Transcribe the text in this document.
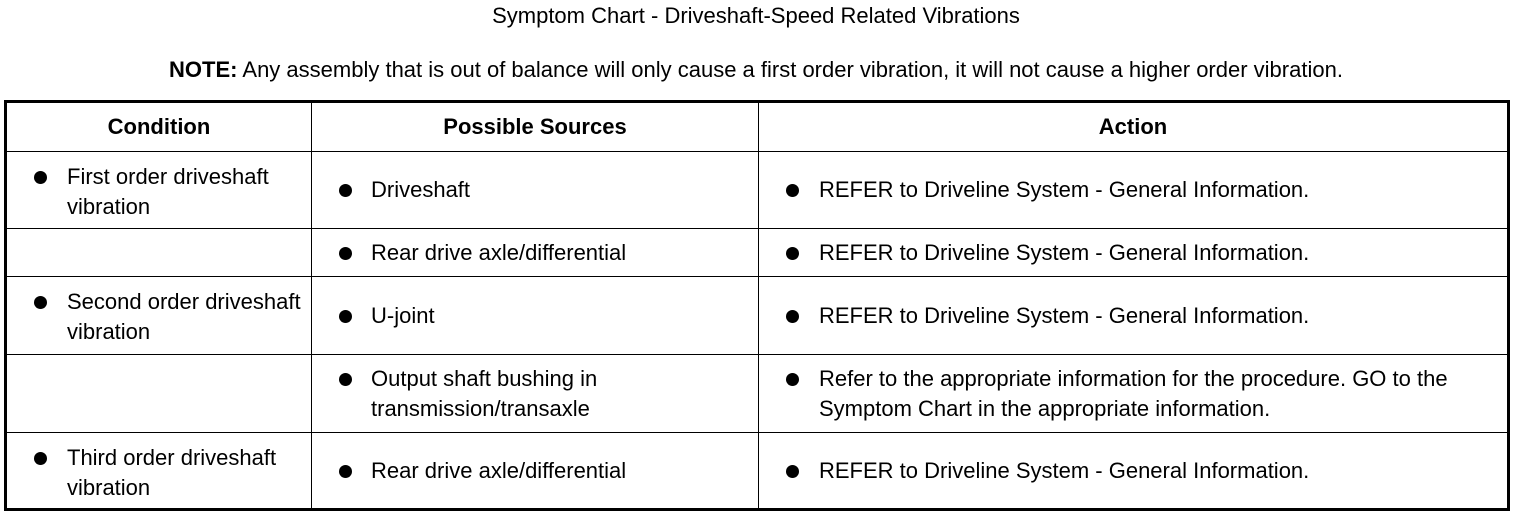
Symptom Chart - Driveshaft-Speed Related Vibrations
NOTE: Any assembly that is out of balance will only cause a first order vibration, it will not cause a higher order vibration.
Condition	Possible Sources	Action

First order driveshaft vibration	Driveshaft	REFER to Driveline System - General Information.

	Rear drive axle/differential	REFER to Driveline System - General Information.

Second order driveshaft vibration	U-joint	REFER to Driveline System - General Information.

	Output shaft bushing in transmission/transaxle	Refer to the appropriate information for the procedure. GO to the Symptom Chart in the appropriate information.

Third order driveshaft vibration	Rear drive axle/differential	REFER to Driveline System - General Information.
